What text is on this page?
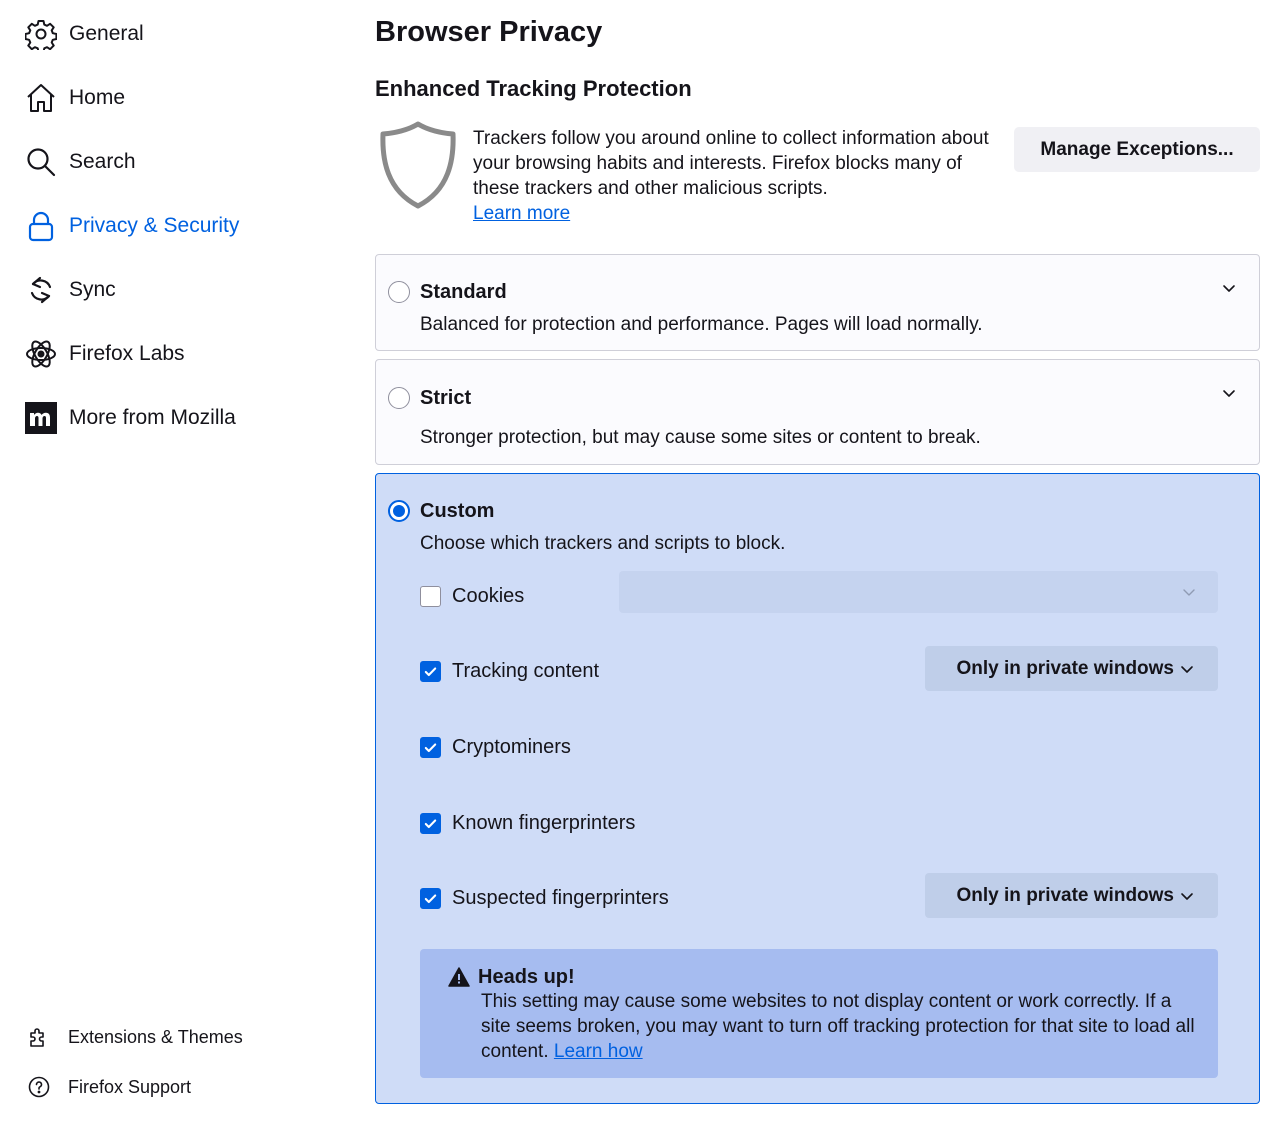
General
Home
Search
Privacy & Security
Sync
Firefox Labs
More from Mozilla
Extensions & Themes
Firefox Support
Browser Privacy
Enhanced Tracking Protection
Trackers follow you around online to collect information about your browsing habits and interests. Firefox blocks many of these trackers and other malicious scripts.
Learn more
Manage Exceptions...
Standard
Balanced for protection and performance. Pages will load normally.
Strict
Stronger protection, but may cause some sites or content to break.
Custom
Choose which trackers and scripts to block.
Cookies
Tracking content	Only in private windows
Cryptominers
Known fingerprinters
Suspected fingerprinters	Only in private windows
Heads up!
This setting may cause some websites to not display content or work correctly. If a site seems broken, you may want to turn off tracking protection for that site to load all content. Learn how
